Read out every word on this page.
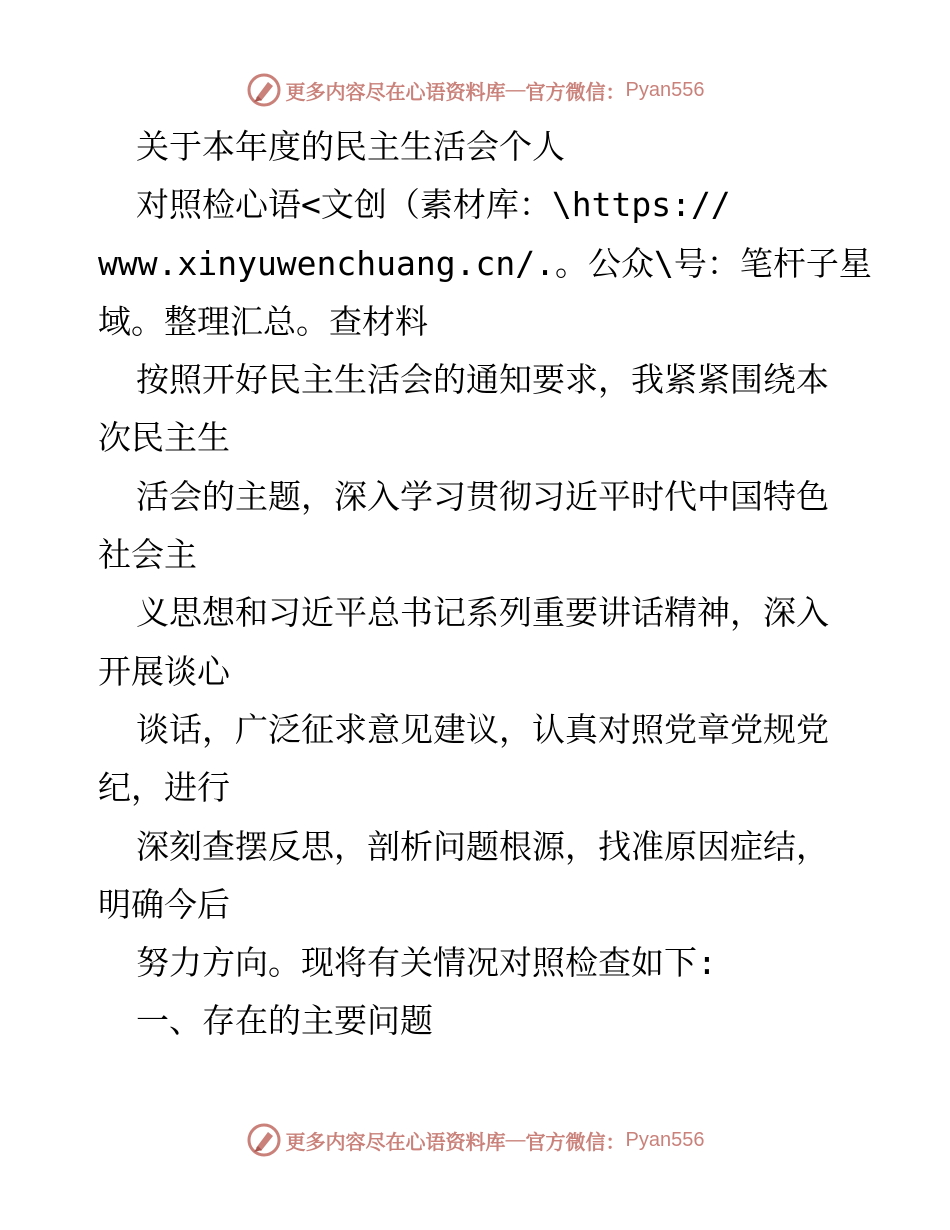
更多内容尽在心语资料库 — 官方微信： Pyan556

关于本年度的民主生活会个人

对照检心语<文创（素材库：\https://

www.xinyuwenchuang.cn/.。公众\号：笔杆子星

域。整理汇总。查材料

按照开好民主生活会的通知要求，我紧紧围绕本

次民主生

活会的主题，深入学习贯彻习近平时代中国特色

社会主

义思想和习近平总书记系列重要讲话精神，深入

开展谈心

谈话，广泛征求意见建议，认真对照党章党规党

纪，进行

深刻查摆反思，剖析问题根源，找准原因症结，

明确今后

努力方向。现将有关情况对照检查如下:

一、存在的主要问题

更多内容尽在心语资料库 — 官方微信： Pyan556
